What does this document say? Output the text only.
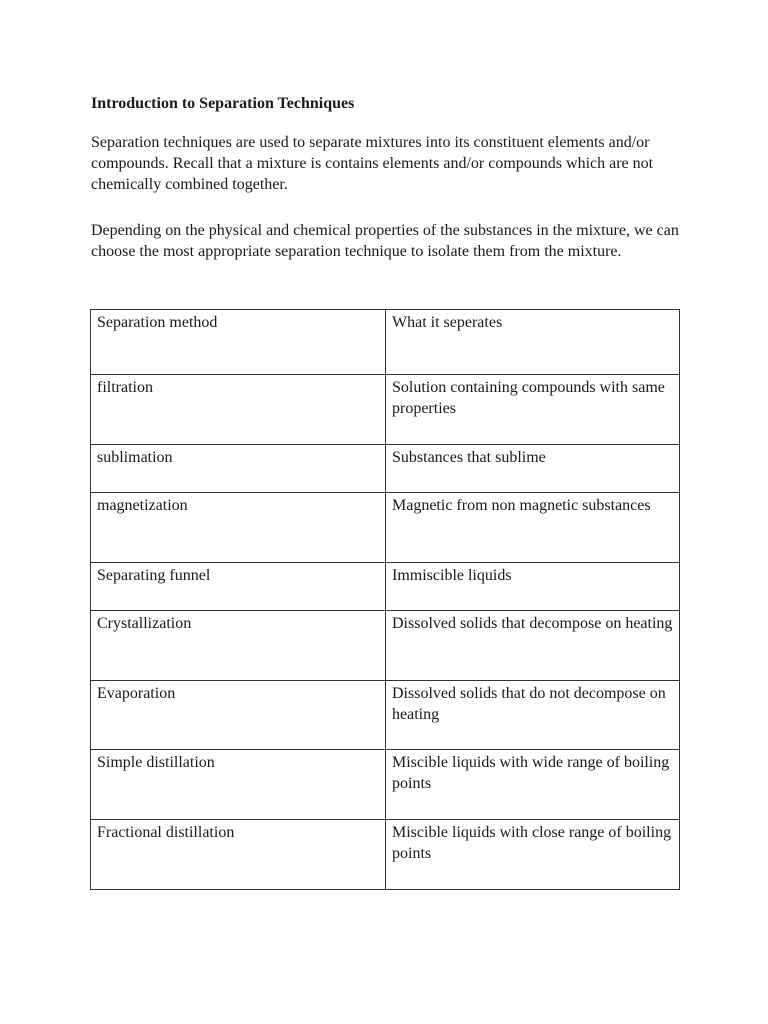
Introduction to Separation Techniques

Separation techniques are used to separate mixtures into its constituent elements and/or compounds. Recall that a mixture is contains elements and/or compounds which are not chemically combined together.

Depending on the physical and chemical properties of the substances in the mixture, we can choose the most appropriate separation technique to isolate them from the mixture.

Separation method	What it seperates
filtration	Solution containing compounds with same properties
sublimation	Substances that sublime
magnetization	Magnetic from non magnetic substances
Separating funnel	Immiscible liquids
Crystallization	Dissolved solids that decompose on heating
Evaporation	Dissolved solids that do not decompose on heating
Simple distillation	Miscible liquids with wide range of boiling points
Fractional distillation	Miscible liquids with close range of boiling points
